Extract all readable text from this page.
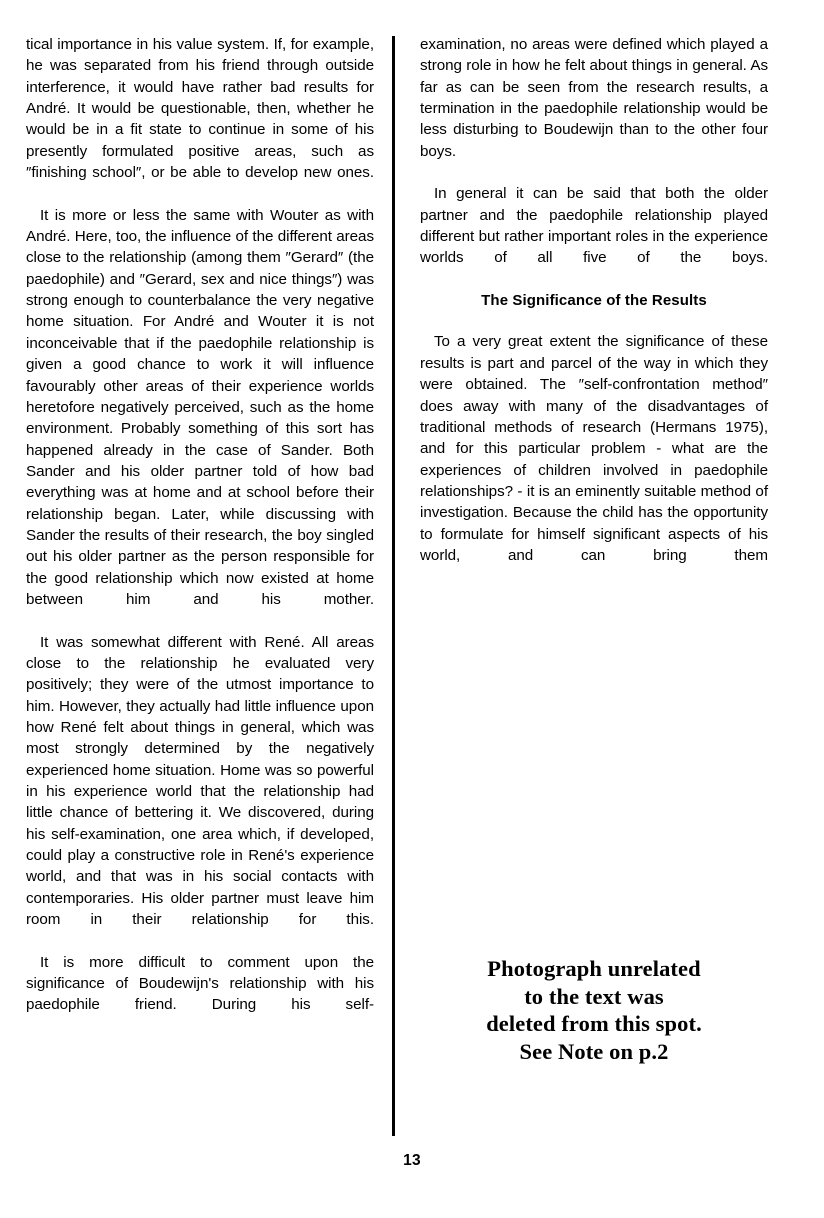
tical importance in his value system. If, for example, he was separated from his friend through outside interference, it would have rather bad results for André. It would be questionable, then, whether he would be in a fit state to continue in some of his presently formulated positive areas, such as ″finishing school″, or be able to develop new ones.

It is more or less the same with Wouter as with André. Here, too, the influence of the different areas close to the relationship (among them ″Gerard″ (the paedophile) and ″Gerard, sex and nice things″) was strong enough to counterbalance the very negative home situation. For André and Wouter it is not inconceivable that if the paedophile relationship is given a good chance to work it will influence favourably other areas of their experience worlds heretofore negatively perceived, such as the home environment. Probably something of this sort has happened already in the case of Sander. Both Sander and his older partner told of how bad everything was at home and at school before their relationship began. Later, while discussing with Sander the results of their research, the boy singled out his older partner as the person responsible for the good relationship which now existed at home between him and his mother.

It was somewhat different with René. All areas close to the relationship he evaluated very positively; they were of the utmost importance to him. However, they actually had little influence upon how René felt about things in general, which was most strongly determined by the negatively experienced home situation. Home was so powerful in his experience world that the relationship had little chance of bettering it. We discovered, during his self-examination, one area which, if developed, could play a constructive role in René's experience world, and that was in his social contacts with contemporaries. His older partner must leave him room in their relationship for this.

It is more difficult to comment upon the significance of Boudewijn's relationship with his paedophile friend. During his self-

examination, no areas were defined which played a strong role in how he felt about things in general. As far as can be seen from the research results, a termination in the paedophile relationship would be less disturbing to Boudewijn than to the other four boys.

In general it can be said that both the older partner and the paedophile relationship played different but rather important roles in the experience worlds of all five of the boys.

The Significance of the Results

To a very great extent the significance of these results is part and parcel of the way in which they were obtained. The ″self-confrontation method″ does away with many of the disadvantages of traditional methods of research (Hermans 1975), and for this particular problem - what are the experiences of children involved in paedophile relationships? - it is an eminently suitable method of investigation. Because the child has the opportunity to formulate for himself significant aspects of his world, and can bring them

Photograph unrelated
to the text was
deleted from this spot.
See Note on p.2
13
